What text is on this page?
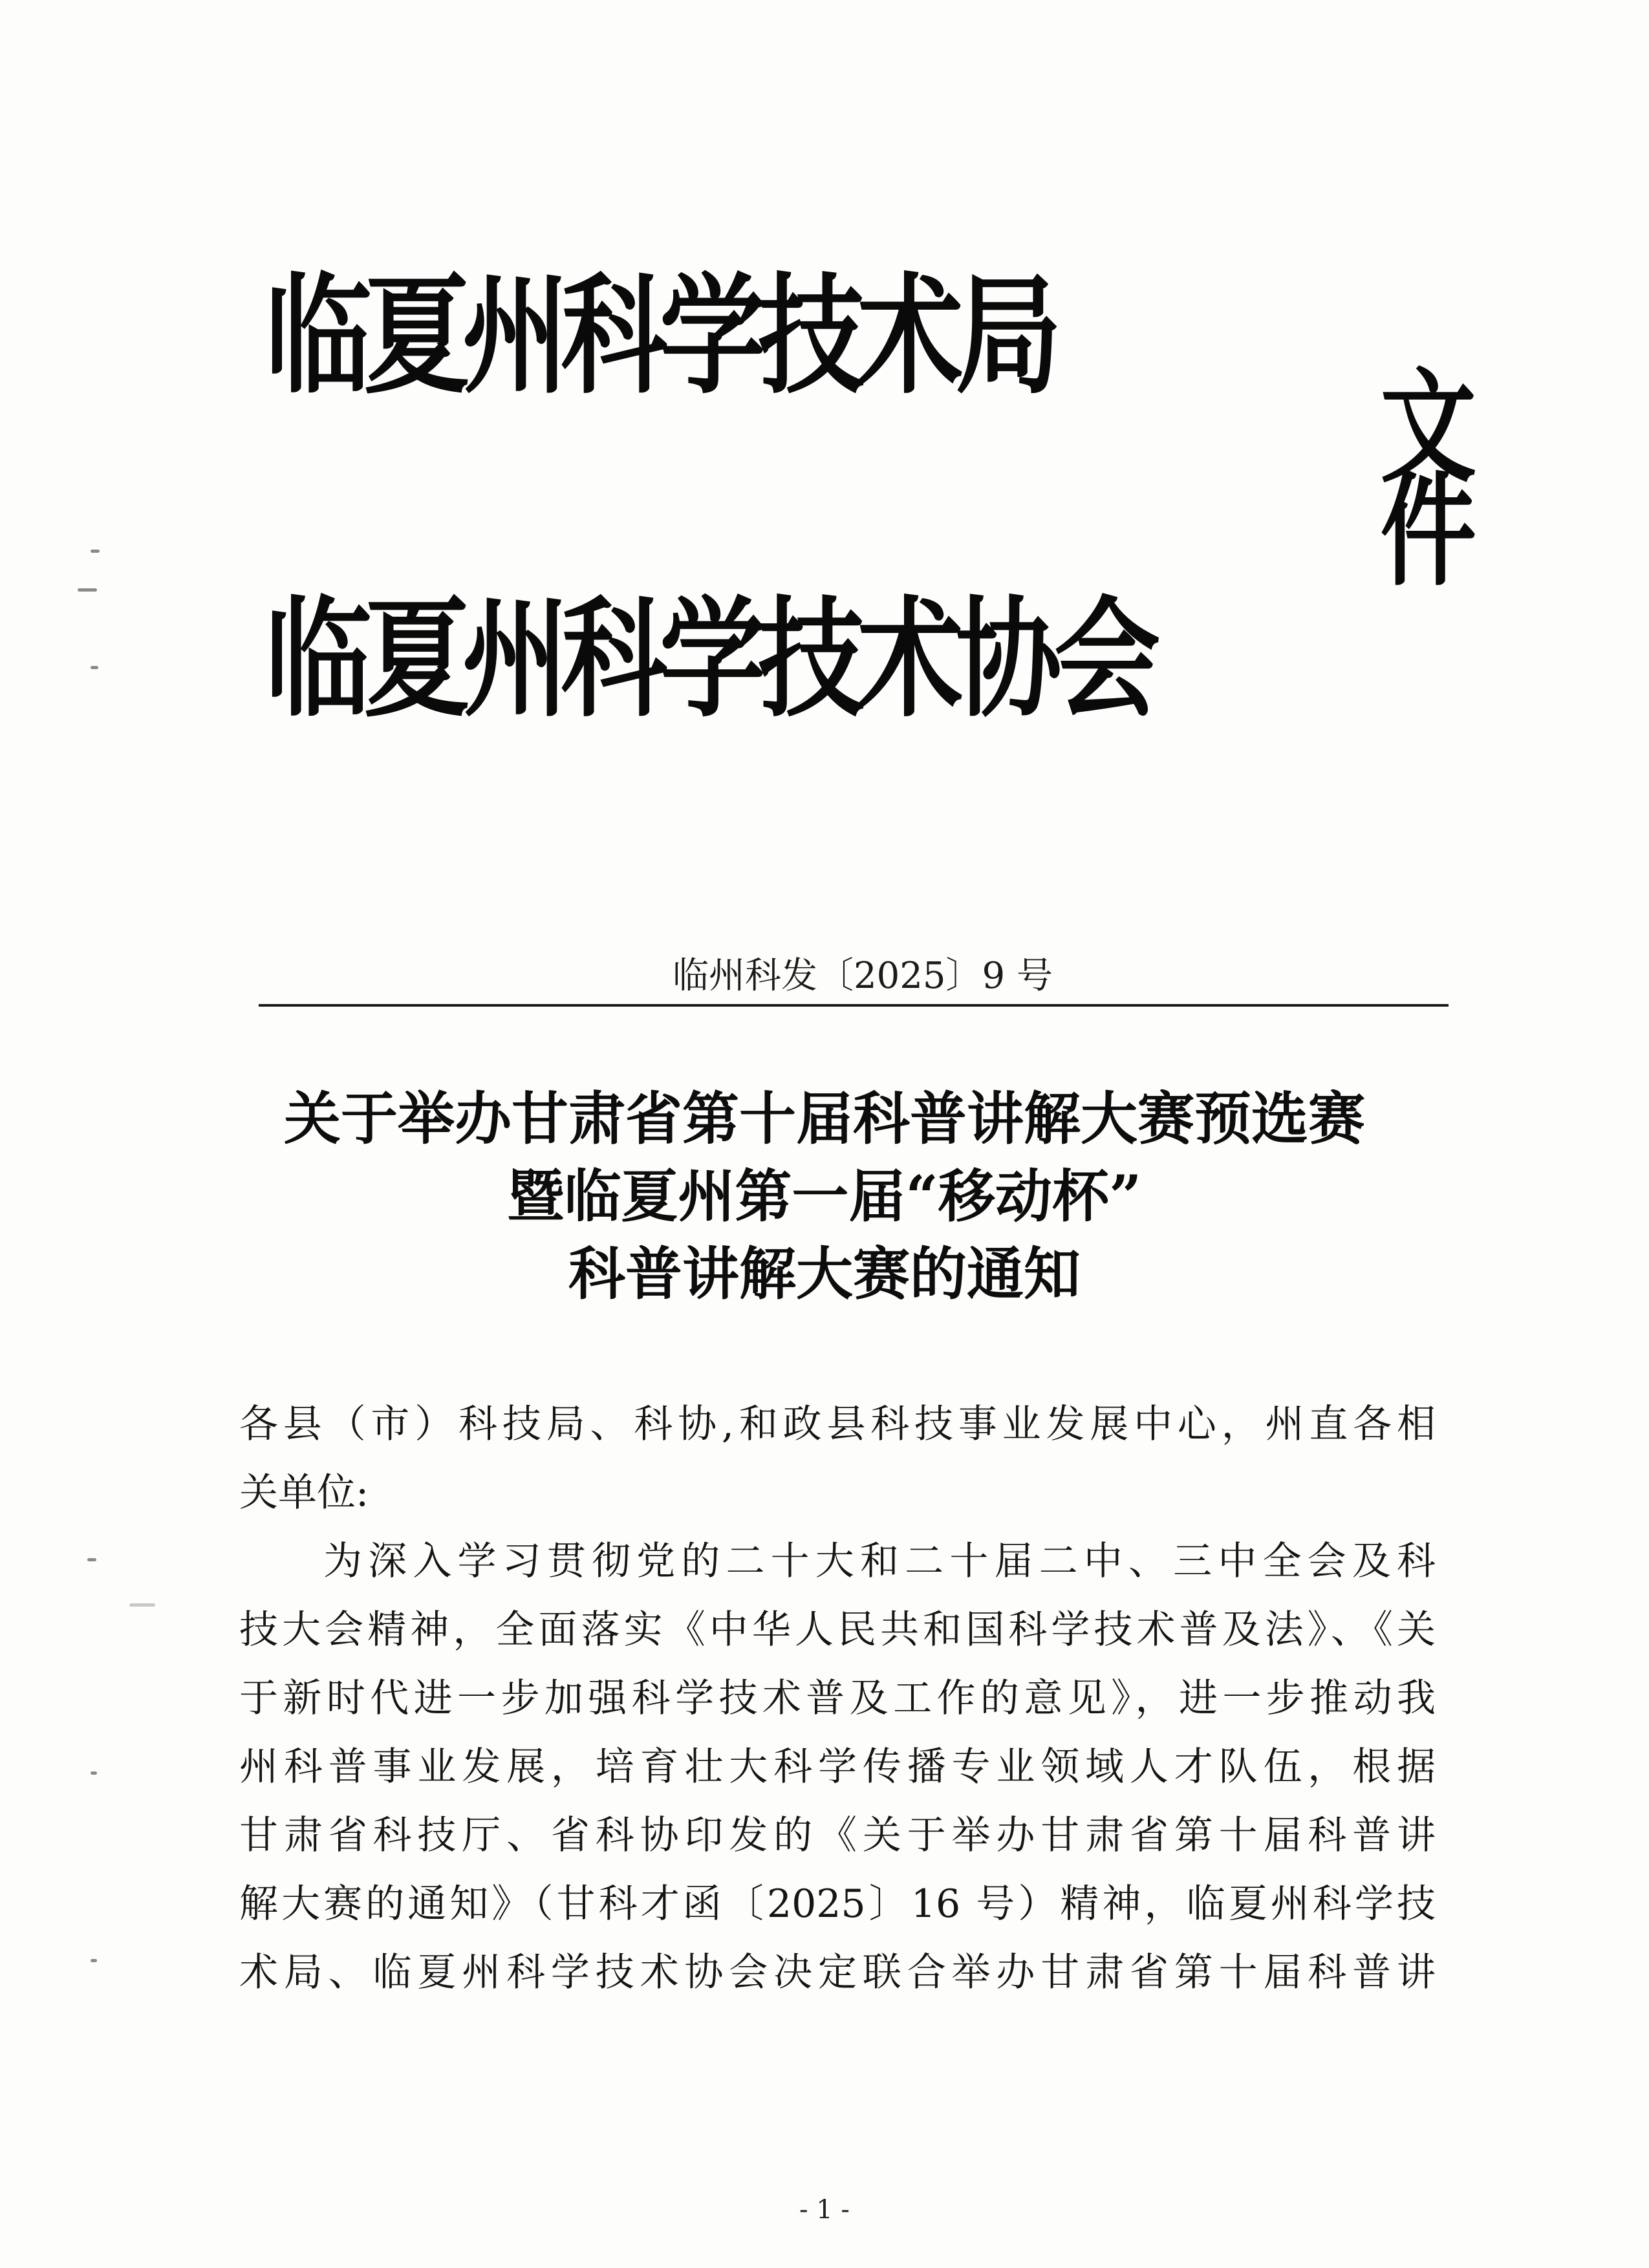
临夏州科学技术局
临夏州科学技术协会
文件
临州科发〔2025〕9 号
关于举办甘肃省第十届科普讲解大赛预选赛
暨临夏州第一届“移动杯”
科普讲解大赛的通知
各县（市）科技局、科协,和政县科技事业发展中心，州直各相
关单位:
为深入学习贯彻党的二十大和二十届二中、三中全会及科
技大会精神，全面落实《中华人民共和国科学技术普及法》、《关
于新时代进一步加强科学技术普及工作的意见》，进一步推动我
州科普事业发展，培育壮大科学传播专业领域人才队伍，根据
甘肃省科技厅、省科协印发的《关于举办甘肃省第十届科普讲
解大赛的通知》（甘科才函〔2025〕16 号）精神，临夏州科学技
术局、临夏州科学技术协会决定联合举办甘肃省第十届科普讲
- 1 -
